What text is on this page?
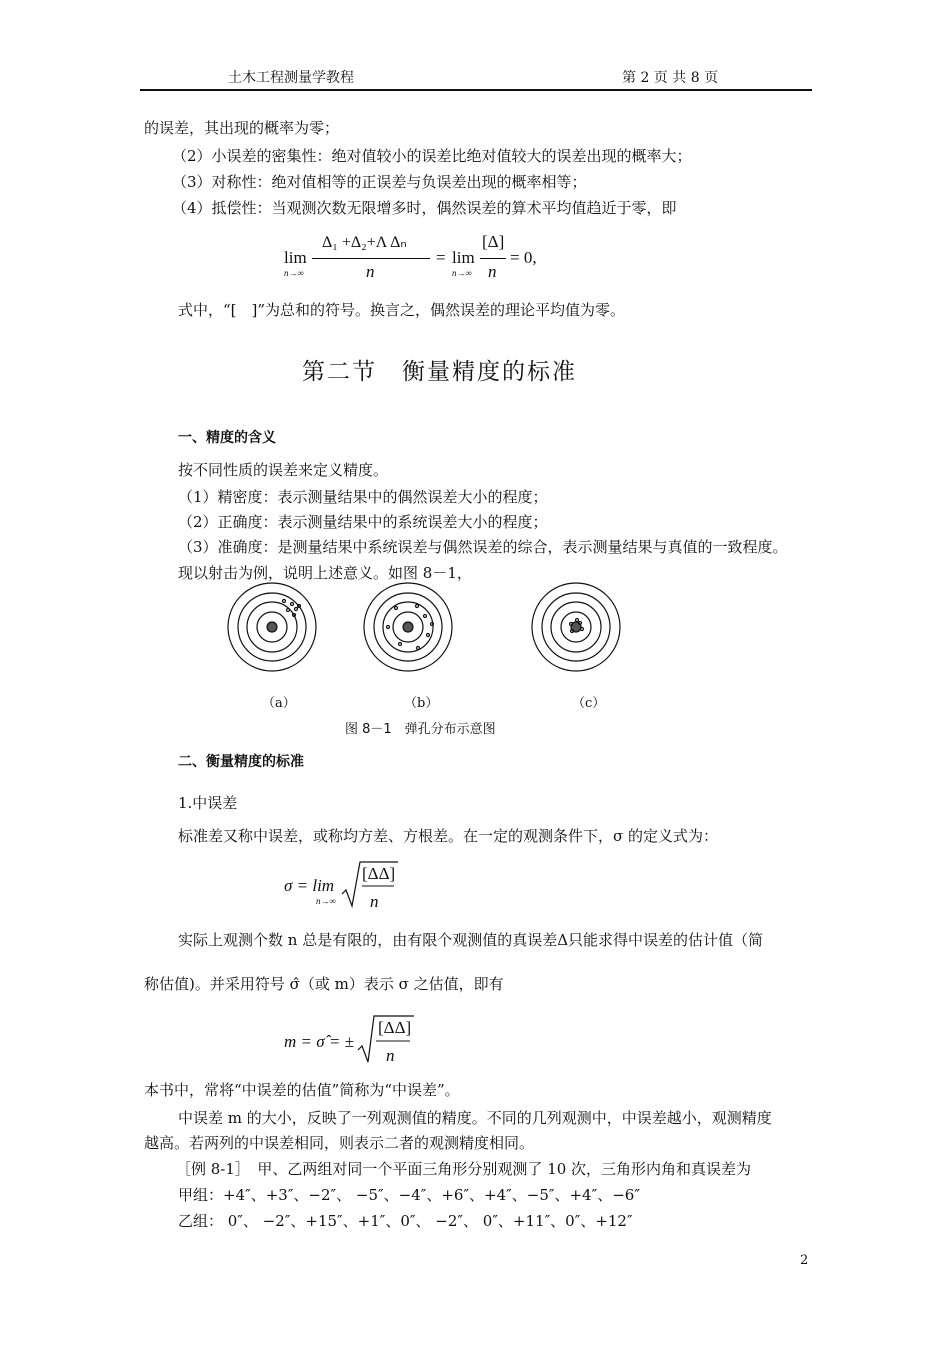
土木工程测量学教程	第 2 页 共 8 页
的误差，其出现的概率为零；
（2）小误差的密集性：绝对值较小的误差比绝对值较大的误差出现的概率大；
（3）对称性：绝对值相等的正误差与负误差出现的概率相等；
（4）抵偿性：当观测次数无限增多时，偶然误差的算术平均值趋近于零，即
lim
n→∞
Δ₁ +Δ₂+Λ Δₙ
n
= lim
n→∞
[Δ]
n
= 0,
式中，“[　]”为总和的符号。换言之，偶然误差的理论平均值为零。
第二节　衡量精度的标准
一、精度的含义
按不同性质的误差来定义精度。
（1）精密度：表示测量结果中的偶然误差大小的程度；
（2）正确度：表示测量结果中的系统误差大小的程度；
（3）准确度：是测量结果中系统误差与偶然误差的综合，表示测量结果与真值的一致程度。
现以射击为例，说明上述意义。如图 8－1，
（a）	（b）	（c）
图 8－1　弹孔分布示意图
二、衡量精度的标准
1.中误差
标准差又称中误差，或称均方差、方根差。在一定的观测条件下，σ 的定义式为：
σ = lim
n→∞
[ΔΔ]
n
实际上观测个数 n 总是有限的，由有限个观测值的真误差Δ只能求得中误差的估计值（简
称估值)。并采用符号 σ̂（或 m）表示 σ 之估值，即有
m = σ̂ = ±
[ΔΔ]
n
本书中，常将“中误差的估值”简称为“中误差”。
中误差 m 的大小，反映了一列观测值的精度。不同的几列观测中，中误差越小，观测精度
越高。若两列的中误差相同，则表示二者的观测精度相同。
［例 8-1］　甲、乙两组对同一个平面三角形分别观测了 10 次，三角形内角和真误差为
甲组：+4″、+3″、−2″、 −5″、−4″、+6″、+4″、−5″、+4″、−6″
乙组： 0″、 −2″、+15″、+1″、0″、 −2″、 0″、+11″、0″、+12″
2
